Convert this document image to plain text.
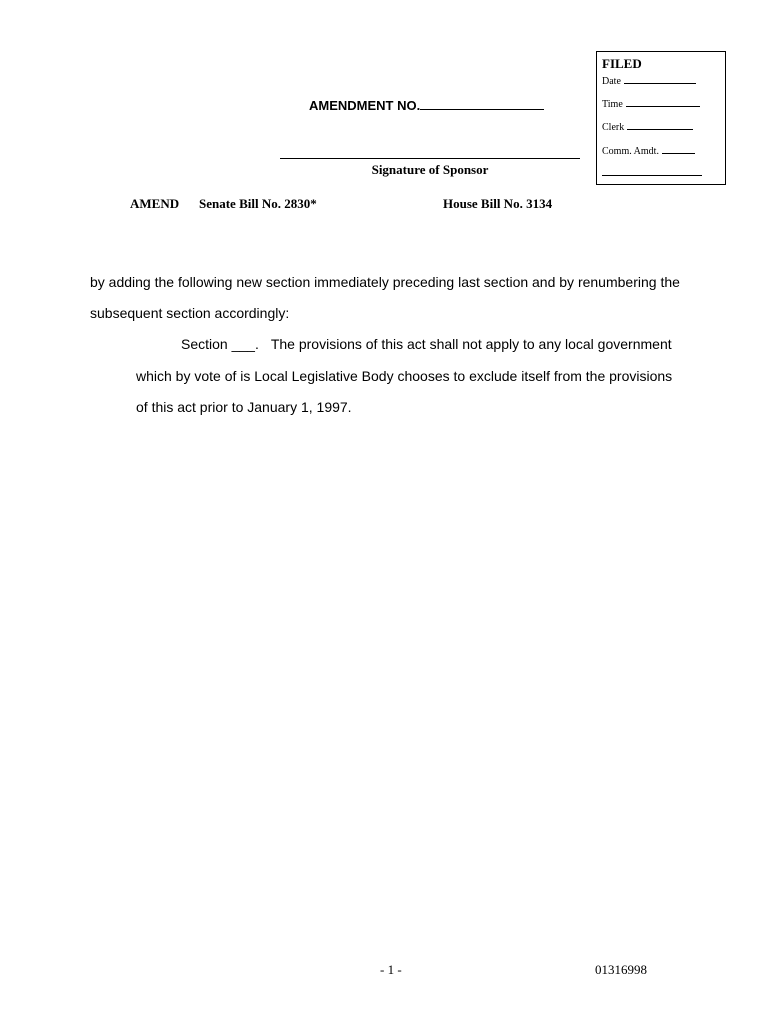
FILED
Date
Time
Clerk
Comm. Amdt.
AMENDMENT NO.
Signature of Sponsor
AMEND Senate Bill No. 2830*	House Bill No. 3134
by adding the following new section immediately preceding last section and by renumbering the
subsequent section accordingly:
Section ___. The provisions of this act shall not apply to any local government
which by vote of is Local Legislative Body chooses to exclude itself from the provisions
of this act prior to January 1, 1997.
- 1 -	01316998
